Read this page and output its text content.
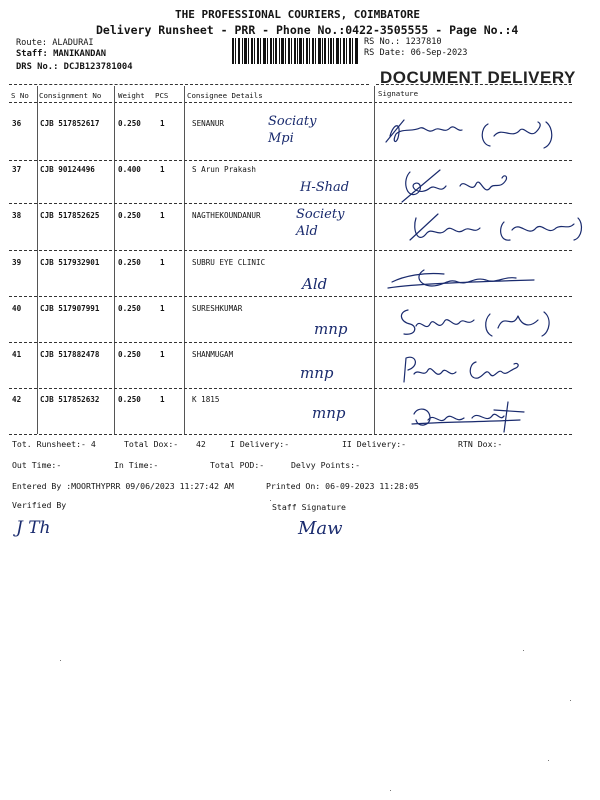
THE PROFESSIONAL COURIERS, COIMBATORE
Delivery Runsheet - PRR - Phone No.:0422-3505555 - Page No.:4
Route: ALADURAI
Staff: MANIKANDAN
DRS No.: DCJB123781004
RS No.: 1237810
RS Date: 06-Sep-2023
DOCUMENT DELIVERY
S No Consignment No Weight PCS	Consignee Details	Signature
36 CJB 517852617 0.250	1	SENANUR	Sociaty Mpi
37 CJB 90124496	0.400	1	S Arun Prakash
H-Shad
38 CJB 517852625 0.250	1	NAGTHEKOUNDANUR	Society Ald
39 CJB 517932901 0.250	1	SUBRU EYE CLINIC
Ald
40 CJB 517907991 0.250	1	SURESHKUMAR
mnp
41 CJB 517882478 0.250	1	SHANMUGAM
mnp
42 CJB 517852632 0.250	1	K 1815
mnp
Tot. Runsheet:- 4	Total Dox:- 42	I Delivery:-	II Delivery:-	RTN Dox:-
Out Time:-	In Time:-	Total POD:-	Delvy Points:-
Entered By :MOORTHYPRR 09/06/2023 11:27:42 AM	Printed On: 06-09-2023 11:28:05
Verified By	Staff Signature
J Th	Maw
